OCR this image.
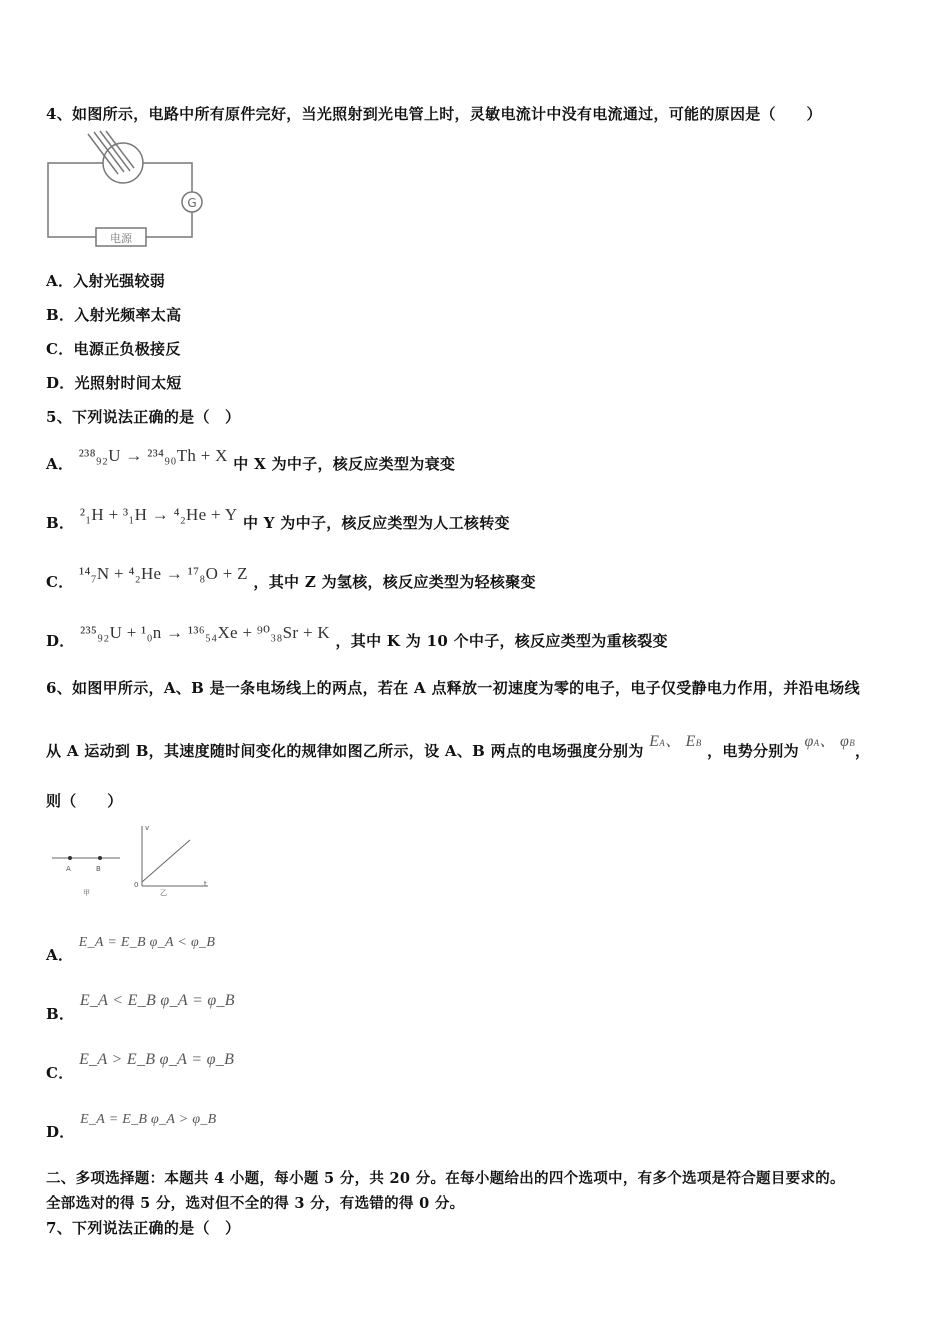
4、如图所示，电路中所有原件完好，当光照射到光电管上时，灵敏电流计中没有电流通过，可能的原因是（　　）
G
电源
A．入射光强较弱
B．入射光频率太高
C．电源正负极接反
D．光照射时间太短
5、下列说法正确的是（　）
A． ²³⁸₉₂U → ²³⁴₉₀Th + X 中 X 为中子，核反应类型为衰变
B． ²₁H + ³₁H → ⁴₂He + Y 中 Y 为中子，核反应类型为人工核转变
C． ¹⁴₇N + ⁴₂He → ¹⁷₈O + Z ，其中 Z 为氢核，核反应类型为轻核聚变
D． ²³⁵₉₂U + ¹₀n → ¹³⁶₅₄Xe + ⁹⁰₃₈Sr + K ，其中 K 为 10 个中子，核反应类型为重核裂变
6、如图甲所示，A、B 是一条电场线上的两点，若在 A 点释放一初速度为零的电子，电子仅受静电力作用，并沿电场线
从 A 运动到 B，其速度随时间变化的规律如图乙所示，设 A、B 两点的电场强度分别为 EA、 EB ，电势分别为 φA、 φB，
则（　　）
A	B
甲	乙
v
t
0
A． E_A = E_B φ_A < φ_B
B． E_A < E_B φ_A = φ_B
C． E_A > E_B φ_A = φ_B
D． E_A = E_B φ_A > φ_B
二、多项选择题：本题共 4 小题，每小题 5 分，共 20 分。在每小题给出的四个选项中，有多个选项是符合题目要求的。
全部选对的得 5 分，选对但不全的得 3 分，有选错的得 0 分。
7、下列说法正确的是（　）
